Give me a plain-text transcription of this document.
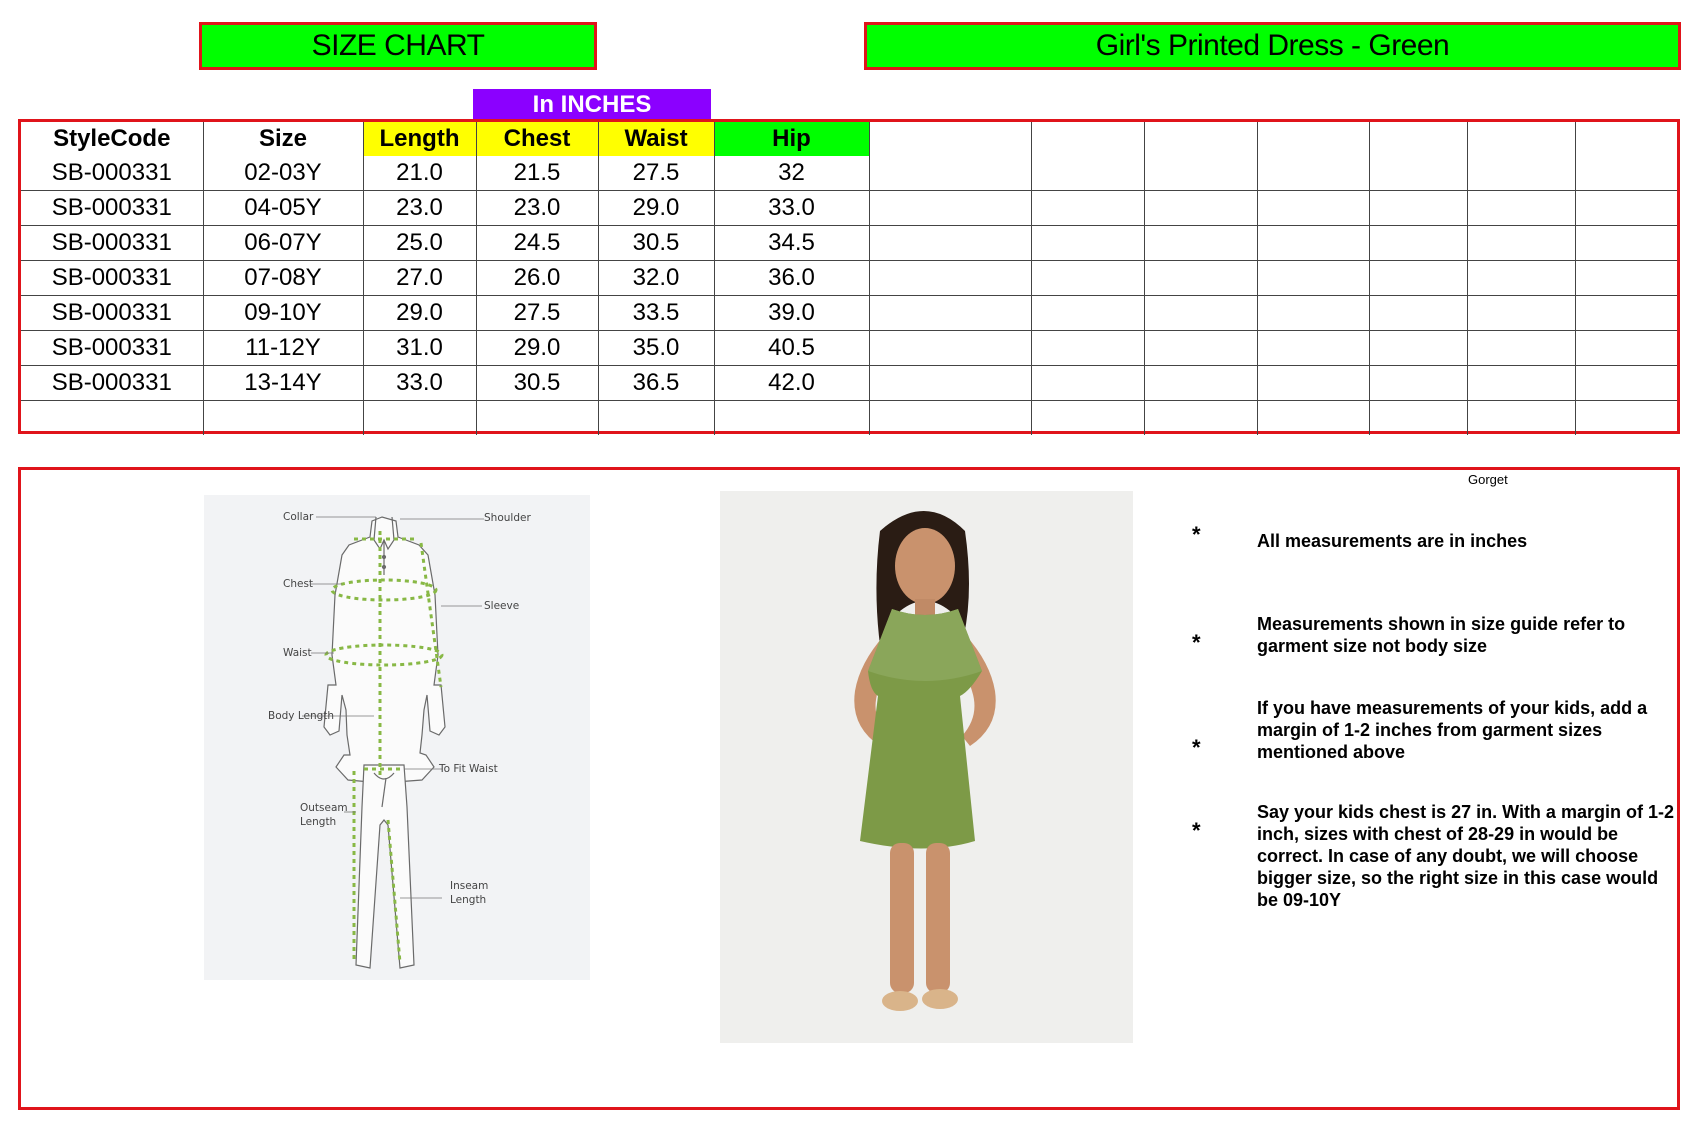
SIZE CHART	Girl's Printed Dress - Green
In INCHES
StyleCode	Size	Length	Chest	Waist	Hip							
SB-000331	02-03Y	21.0	21.5	27.5	32							
SB-000331	04-05Y	23.0	23.0	29.0	33.0							
SB-000331	06-07Y	25.0	24.5	30.5	34.5							
SB-000331	07-08Y	27.0	26.0	32.0	36.0							
SB-000331	09-10Y	29.0	27.5	33.5	39.0							
SB-000331	11-12Y	31.0	29.0	35.0	40.5							
SB-000331	13-14Y	33.0	30.5	36.5	42.0							

Gorget
Collar	Shoulder
Chest
Sleeve
Waist
Body Length
To Fit Waist
Outseam
Length
Inseam
Length
*	All measurements are in inches
*
Measurements shown in size guide refer to garment size not body size
*
If you have measurements of your kids, add a margin of 1-2 inches from garment sizes mentioned above
*
Say your kids chest is 27 in. With a margin of 1-2 inch, sizes with chest of 28-29 in would be correct. In case of any doubt, we will choose bigger size, so the right size in this case would be 09-10Y
